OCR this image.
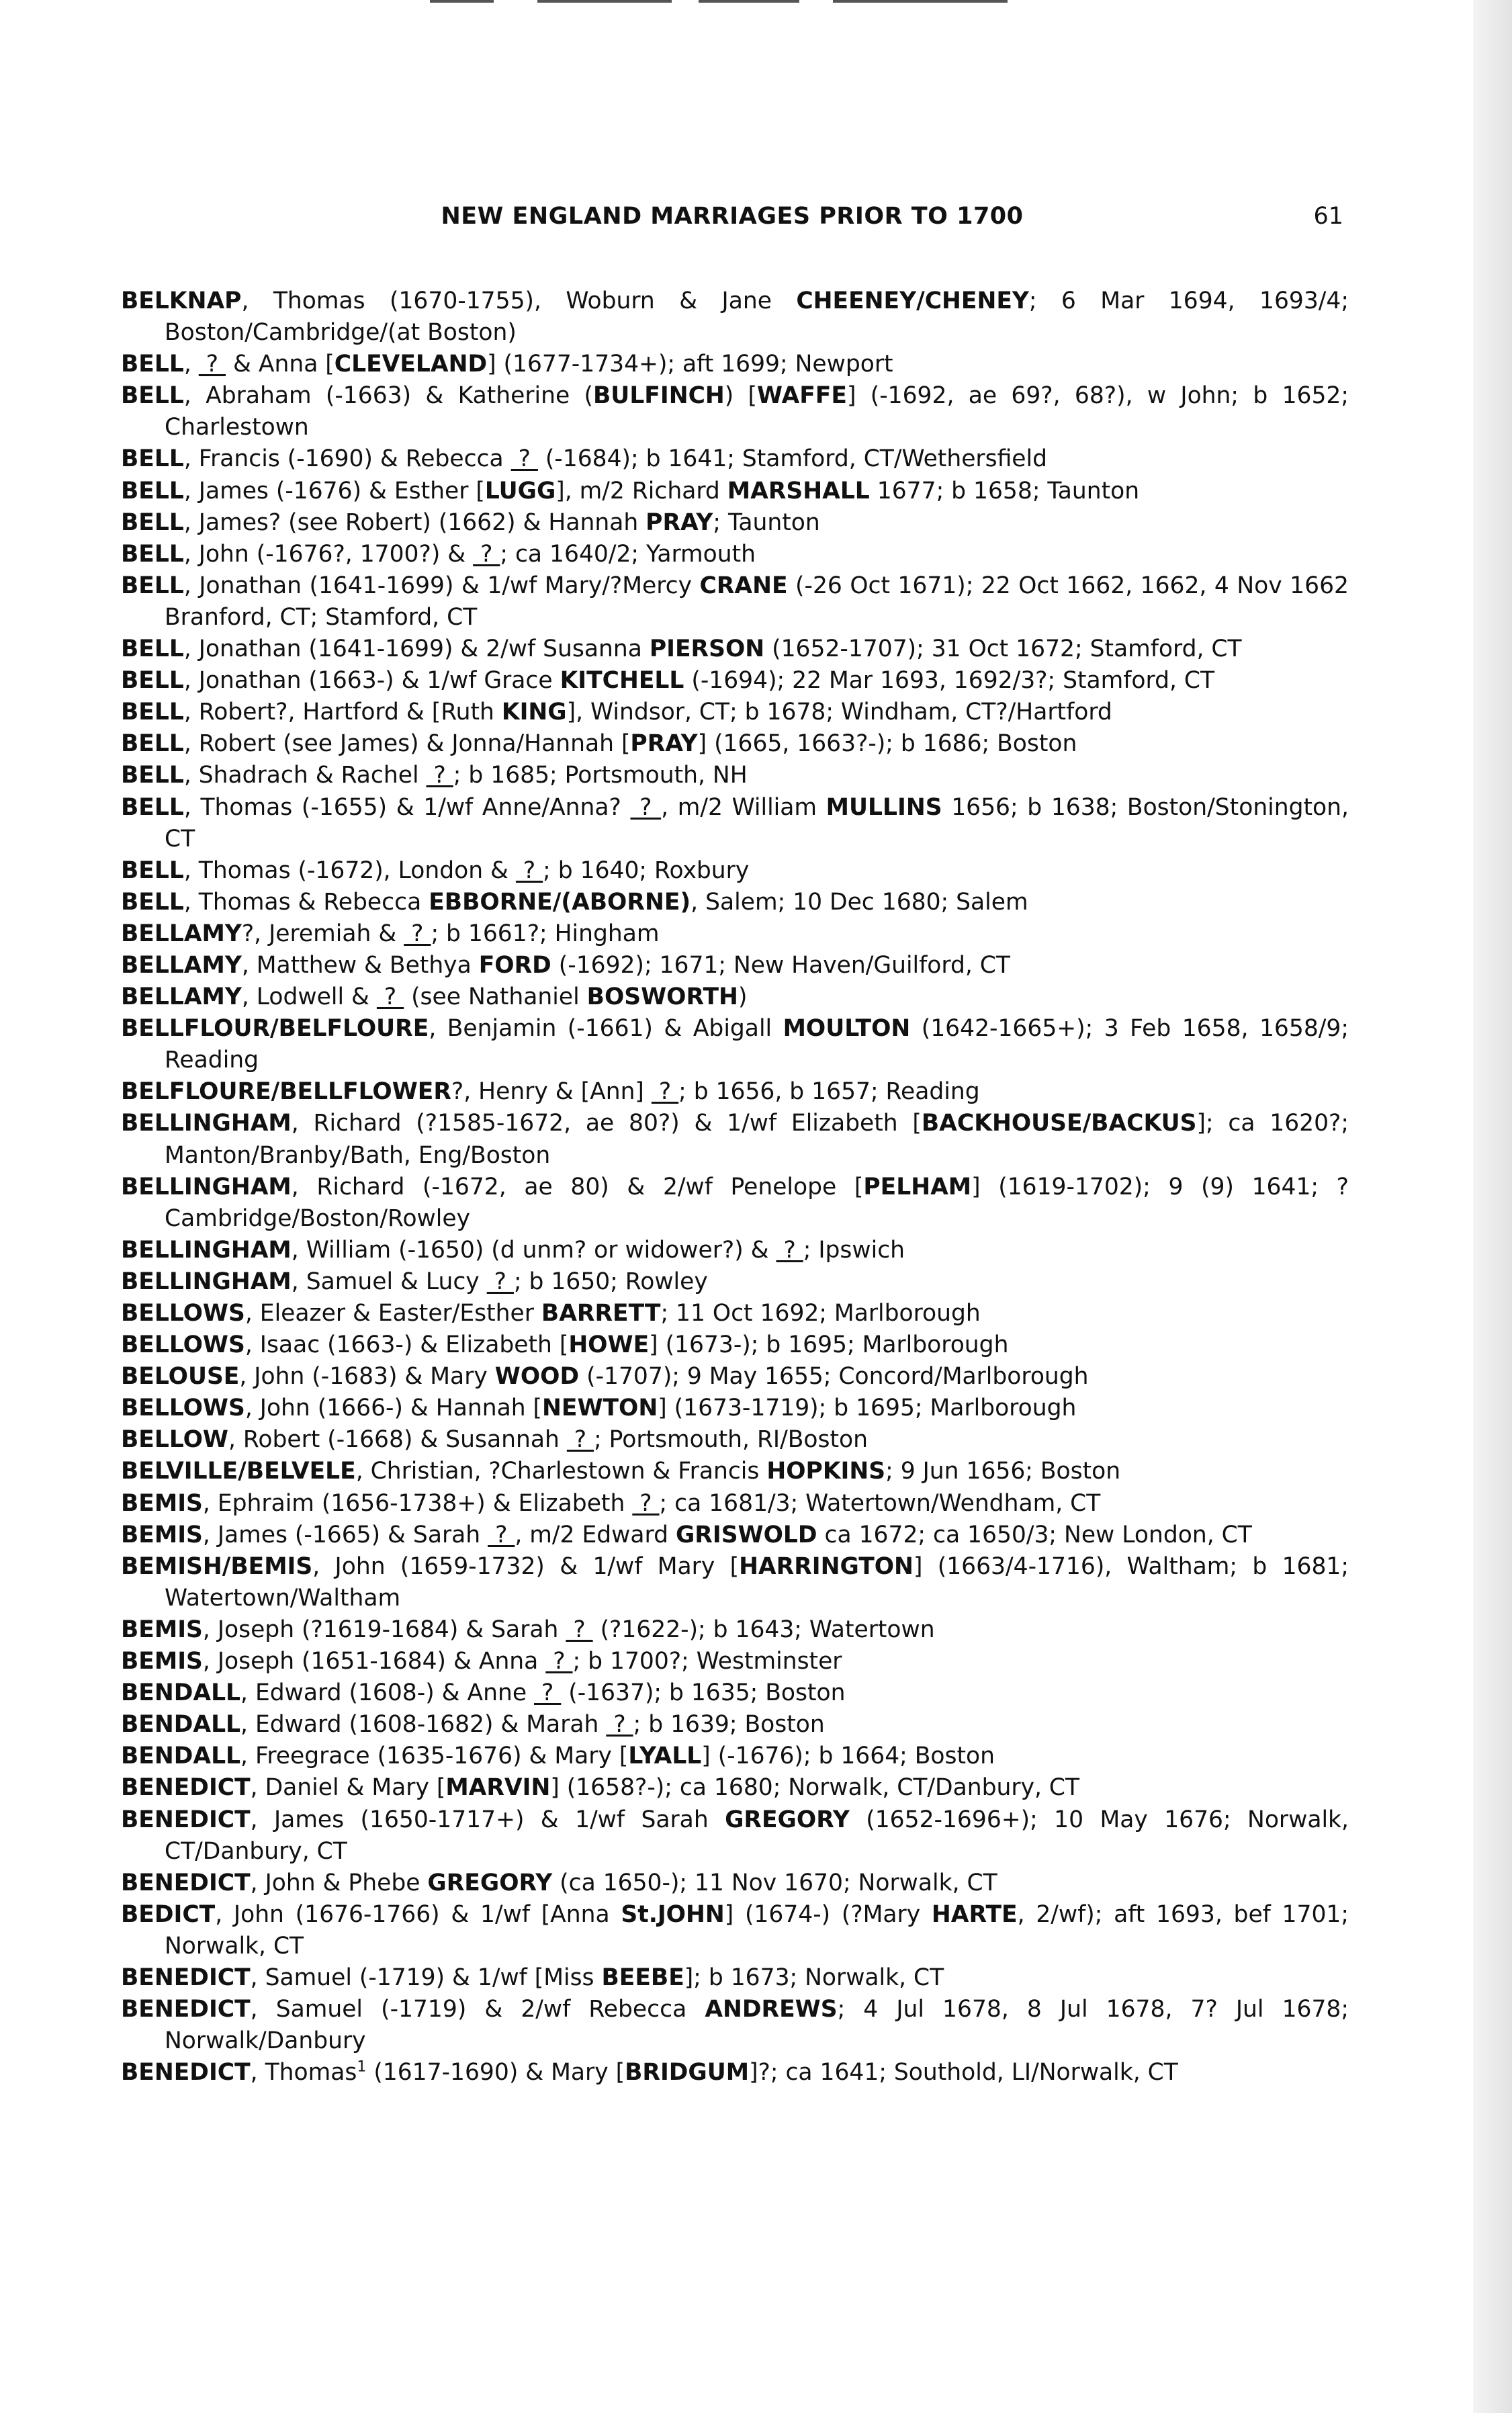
NEW ENGLAND MARRIAGES PRIOR TO 1700	61
BELKNAP, Thomas (1670-1755), Woburn & Jane CHEENEY/CHENEY; 6 Mar 1694, 1693/4; Boston/Cambridge/(at Boston)
BELL,  ?  & Anna [CLEVELAND] (1677-1734+); aft 1699; Newport
BELL, Abraham (-1663) & Katherine (BULFINCH) [WAFFE] (-1692, ae 69?, 68?), w John; b 1652; Charlestown
BELL, Francis (-1690) & Rebecca  ?  (-1684); b 1641; Stamford, CT/Wethersfield
BELL, James (-1676) & Esther [LUGG], m/2 Richard MARSHALL 1677; b 1658; Taunton
BELL, James? (see Robert) (1662) & Hannah PRAY; Taunton
BELL, John (-1676?, 1700?) &  ? ; ca 1640/2; Yarmouth
BELL, Jonathan (1641-1699) & 1/wf Mary/?Mercy CRANE (-26 Oct 1671); 22 Oct 1662, 1662, 4 Nov 1662 Branford, CT; Stamford, CT
BELL, Jonathan (1641-1699) & 2/wf Susanna PIERSON (1652-1707); 31 Oct 1672; Stamford, CT
BELL, Jonathan (1663-) & 1/wf Grace KITCHELL (-1694); 22 Mar 1693, 1692/3?; Stamford, CT
BELL, Robert?, Hartford & [Ruth KING], Windsor, CT; b 1678; Windham, CT?/Hartford
BELL, Robert (see James) & Jonna/Hannah [PRAY] (1665, 1663?-); b 1686; Boston
BELL, Shadrach & Rachel  ? ; b 1685; Portsmouth, NH
BELL, Thomas (-1655) & 1/wf Anne/Anna?  ? , m/2 William MULLINS 1656; b 1638; Boston/Stonington, CT
BELL, Thomas (-1672), London &  ? ; b 1640; Roxbury
BELL, Thomas & Rebecca EBBORNE/(ABORNE), Salem; 10 Dec 1680; Salem
BELLAMY?, Jeremiah &  ? ; b 1661?; Hingham
BELLAMY, Matthew & Bethya FORD (-1692); 1671; New Haven/Guilford, CT
BELLAMY, Lodwell &  ?  (see Nathaniel BOSWORTH)
BELLFLOUR/BELFLOURE, Benjamin (-1661) & Abigall MOULTON (1642-1665+); 3 Feb 1658, 1658/9; Reading
BELFLOURE/BELLFLOWER?, Henry & [Ann]  ? ; b 1656, b 1657; Reading
BELLINGHAM, Richard (?1585-1672, ae 80?) & 1/wf Elizabeth [BACKHOUSE/BACKUS]; ca 1620?; Manton/Branby/Bath, Eng/Boston
BELLINGHAM, Richard (-1672, ae 80) & 2/wf Penelope [PELHAM] (1619-1702); 9 (9) 1641; ?Cambridge/Boston/Rowley
BELLINGHAM, William (-1650) (d unm? or widower?) &  ? ; Ipswich
BELLINGHAM, Samuel & Lucy  ? ; b 1650; Rowley
BELLOWS, Eleazer & Easter/Esther BARRETT; 11 Oct 1692; Marlborough
BELLOWS, Isaac (1663-) & Elizabeth [HOWE] (1673-); b 1695; Marlborough
BELOUSE, John (-1683) & Mary WOOD (-1707); 9 May 1655; Concord/Marlborough
BELLOWS, John (1666-) & Hannah [NEWTON] (1673-1719); b 1695; Marlborough
BELLOW, Robert (-1668) & Susannah  ? ; Portsmouth, RI/Boston
BELVILLE/BELVELE, Christian, ?Charlestown & Francis HOPKINS; 9 Jun 1656; Boston
BEMIS, Ephraim (1656-1738+) & Elizabeth  ? ; ca 1681/3; Watertown/Wendham, CT
BEMIS, James (-1665) & Sarah  ? , m/2 Edward GRISWOLD ca 1672; ca 1650/3; New London, CT
BEMISH/BEMIS, John (1659-1732) & 1/wf Mary [HARRINGTON] (1663/4-1716), Waltham; b 1681; Watertown/Waltham
BEMIS, Joseph (?1619-1684) & Sarah  ?  (?1622-); b 1643; Watertown
BEMIS, Joseph (1651-1684) & Anna  ? ; b 1700?; Westminster
BENDALL, Edward (1608-) & Anne  ?  (-1637); b 1635; Boston
BENDALL, Edward (1608-1682) & Marah  ? ; b 1639; Boston
BENDALL, Freegrace (1635-1676) & Mary [LYALL] (-1676); b 1664; Boston
BENEDICT, Daniel & Mary [MARVIN] (1658?-); ca 1680; Norwalk, CT/Danbury, CT
BENEDICT, James (1650-1717+) & 1/wf Sarah GREGORY (1652-1696+); 10 May 1676; Norwalk, CT/Danbury, CT
BENEDICT, John & Phebe GREGORY (ca 1650-); 11 Nov 1670; Norwalk, CT
BEDICT, John (1676-1766) & 1/wf [Anna St.JOHN] (1674-) (?Mary HARTE, 2/wf); aft 1693, bef 1701; Norwalk, CT
BENEDICT, Samuel (-1719) & 1/wf [Miss BEEBE]; b 1673; Norwalk, CT
BENEDICT, Samuel (-1719) & 2/wf Rebecca ANDREWS; 4 Jul 1678, 8 Jul 1678, 7? Jul 1678; Norwalk/Danbury
BENEDICT, Thomas$^1$ (1617-1690) & Mary [BRIDGUM]?; ca 1641; Southold, LI/Norwalk, CT
